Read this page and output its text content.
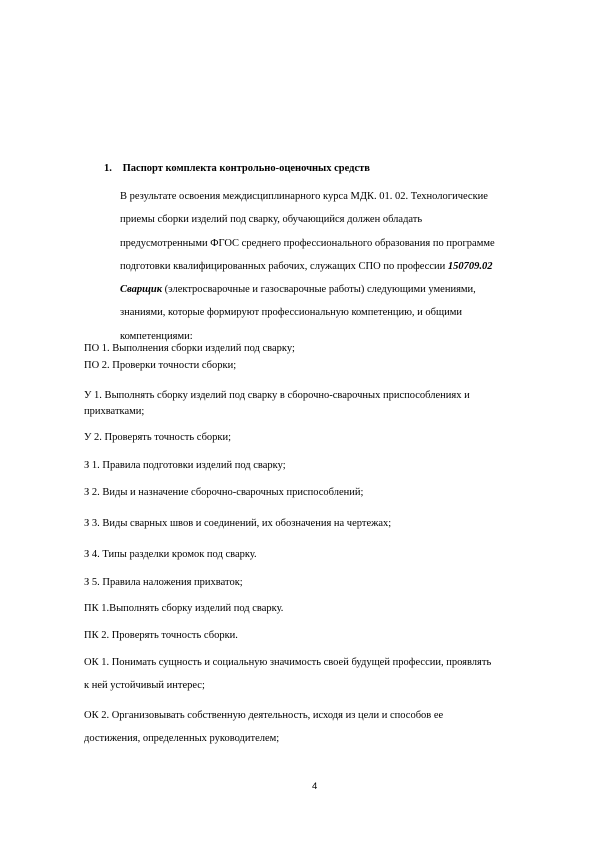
1. Паспорт комплекта контрольно-оценочных средств
В результате освоения междисциплинарного курса МДК. 01. 02. Технологические
приемы сборки изделий под сварку, обучающийся должен обладать
предусмотренными ФГОС среднего профессионального образования по программе
подготовки квалифицированных рабочих, служащих СПО по профессии 150709.02
Сварщик (электросварочные и газосварочные работы) следующими умениями,
знаниями, которые формируют профессиональную компетенцию, и общими
компетенциями:
ПО 1. Выполнения сборки изделий под сварку;
ПО 2. Проверки точности сборки;
У 1. Выполнять сборку изделий под сварку в сборочно-сварочных приспособлениях и
прихватками;
У 2. Проверять точность сборки;
З 1. Правила подготовки изделий под сварку;
З 2. Виды и назначение сборочно-сварочных приспособлений;
З 3. Виды сварных швов и соединений, их обозначения на чертежах;
З 4. Типы разделки кромок под сварку.
З 5. Правила наложения прихваток;
ПК 1.Выполнять сборку изделий под сварку.
ПК 2. Проверять точность сборки.
ОК 1. Понимать сущность и социальную значимость своей будущей профессии, проявлять
к ней устойчивый интерес;
ОК 2. Организовывать собственную деятельность, исходя из цели и способов ее
достижения, определенных руководителем;
4
